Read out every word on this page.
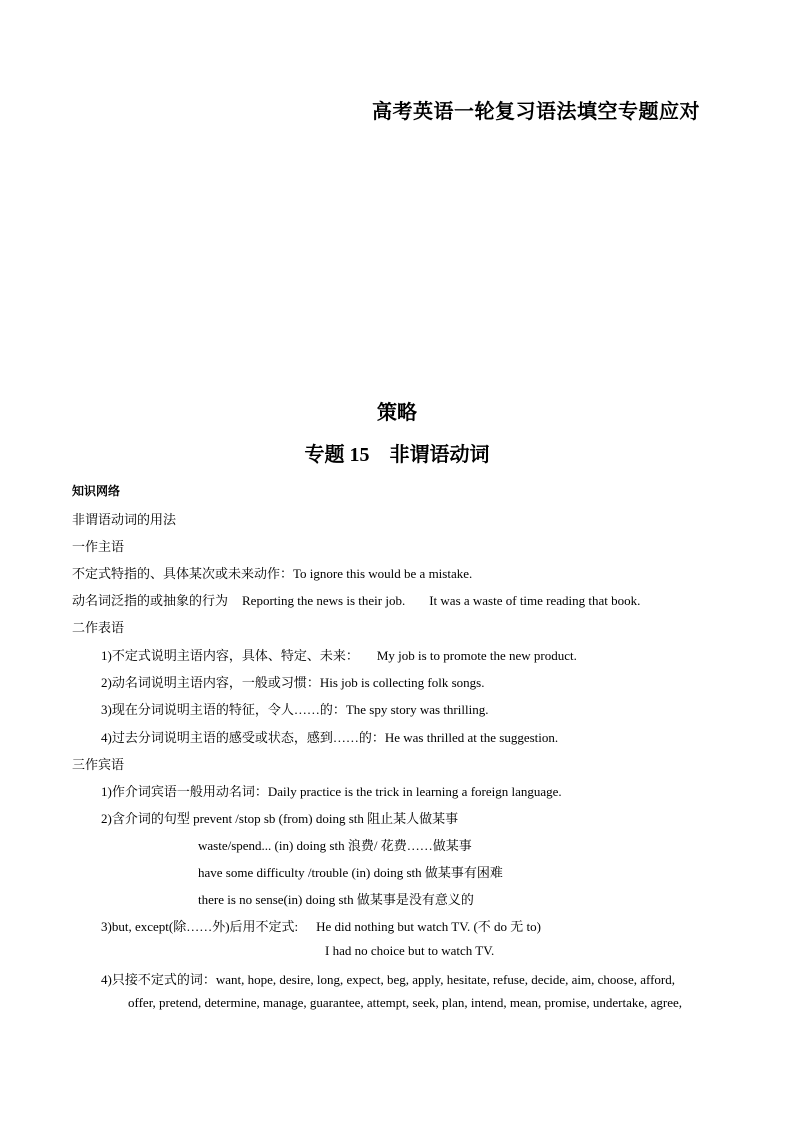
高考英语一轮复习语法填空专题应对
策略
专题 15　非谓语动词
知识网络
非谓语动词的用法
一作主语
不定式特指的、具体某次或未来动作：To ignore this would be a mistake.
动名词泛指的或抽象的行为 Reporting the news is their job. It was a waste of time reading that book.
二作表语
1)不定式说明主语内容，具体、特定、未来： My job is to promote the new product.
2)动名词说明主语内容，一般或习惯：His job is collecting folk songs.
3)现在分词说明主语的特征，令人……的：The spy story was thrilling.
4)过去分词说明主语的感受或状态，感到……的：He was thrilled at the suggestion.
三作宾语
1)作介词宾语一般用动名词：Daily practice is the trick in learning a foreign language.
2)含介词的句型 prevent /stop sb (from) doing sth 阻止某人做某事
waste/spend... (in) doing sth 浪费/ 花费……做某事
have some difficulty /trouble (in) doing sth 做某事有困难
there is no sense(in) doing sth 做某事是没有意义的
3)but, except(除……外)后用不定式: He did nothing but watch TV. (不 do 无 to)
I had no choice but to watch TV.
4)只接不定式的词：want, hope, desire, long, expect, beg, apply, hesitate, refuse, decide, aim, choose, afford,
offer, pretend, determine, manage, guarantee, attempt, seek, plan, intend, mean, promise, undertake, agree,
